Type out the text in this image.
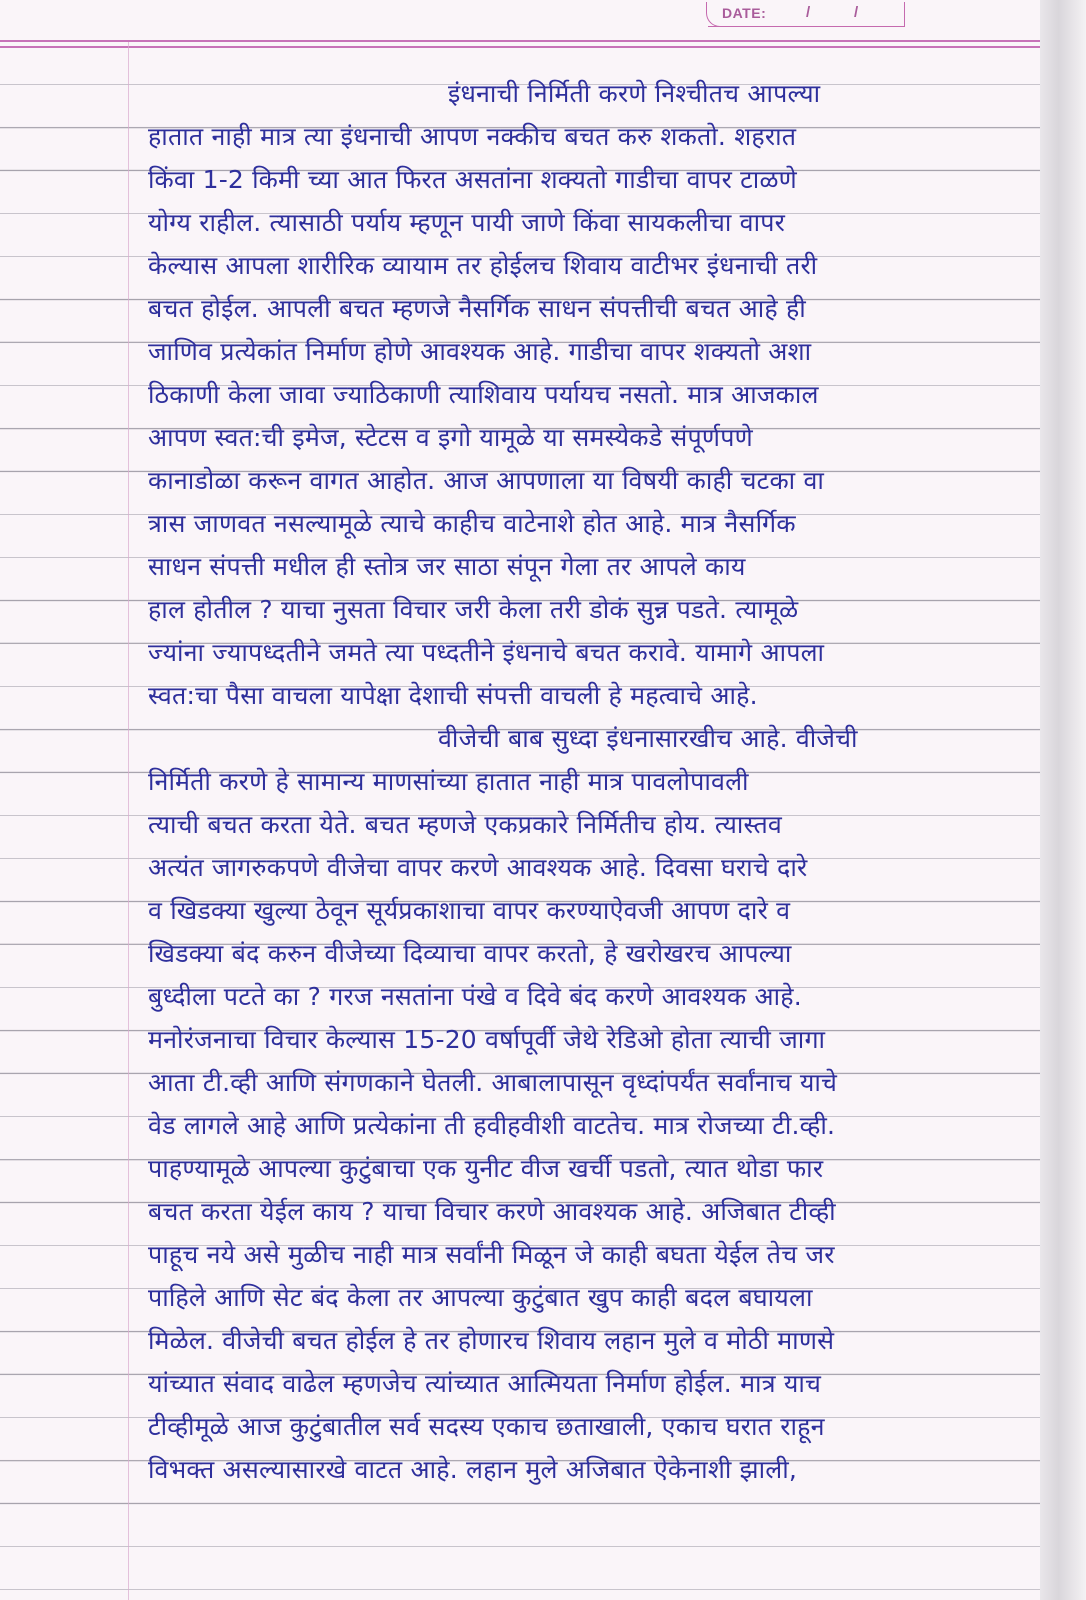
DATE:	/	/
इंधनाची निर्मिती करणे निश्चीतच आपल्या
हातात नाही मात्र त्या इंधनाची आपण नक्कीच बचत करु शकतो. शहरात
किंवा 1-2 किमी च्या आत फिरत असतांना शक्यतो गाडीचा वापर टाळणे
योग्य राहील. त्यासाठी पर्याय म्हणून पायी जाणे किंवा सायकलीचा वापर
केल्यास आपला शारीरिक व्यायाम तर होईलच शिवाय वाटीभर इंधनाची तरी
बचत होईल. आपली बचत म्हणजे नैसर्गिक साधन संपत्तीची बचत आहे ही
जाणिव प्रत्येकांत निर्माण होणे आवश्यक आहे. गाडीचा वापर शक्यतो अशा
ठिकाणी केला जावा ज्याठिकाणी त्याशिवाय पर्यायच नसतो. मात्र आजकाल
आपण स्वत:ची इमेज, स्टेटस व इगो यामूळे या समस्येकडे संपूर्णपणे
कानाडोळा करून वागत आहोत. आज आपणाला या विषयी काही चटका वा
त्रास जाणवत नसल्यामूळे त्याचे काहीच वाटेनाशे होत आहे. मात्र नैसर्गिक
साधन संपत्ती मधील ही स्तोत्र जर साठा संपून गेला तर आपले काय
हाल होतील ? याचा नुसता विचार जरी केला तरी डोकं सुन्न पडते. त्यामूळे
ज्यांना ज्यापध्दतीने जमते त्या पध्दतीने इंधनाचे बचत करावे. यामागे आपला
स्वत:चा पैसा वाचला यापेक्षा देशाची संपत्ती वाचली हे महत्वाचे आहे.
वीजेची बाब सुध्दा इंधनासारखीच आहे. वीजेची
निर्मिती करणे हे सामान्य माणसांच्या हातात नाही मात्र पावलोपावली
त्याची बचत करता येते. बचत म्हणजे एकप्रकारे निर्मितीच होय. त्यास्तव
अत्यंत जागरुकपणे वीजेचा वापर करणे आवश्यक आहे. दिवसा घराचे दारे
व खिडक्या खुल्या ठेवून सूर्यप्रकाशाचा वापर करण्याऐवजी आपण दारे व
खिडक्या बंद करुन वीजेच्या दिव्याचा वापर करतो, हे खरोखरच आपल्या
बुध्दीला पटते का ? गरज नसतांना पंखे व दिवे बंद करणे आवश्यक आहे.
मनोरंजनाचा विचार केल्यास 15-20 वर्षापूर्वी जेथे रेडिओ होता त्याची जागा
आता टी.व्ही आणि संगणकाने घेतली. आबालापासून वृध्दांपर्यंत सर्वांनाच याचे
वेड लागले आहे आणि प्रत्येकांना ती हवीहवीशी वाटतेच. मात्र रोजच्या टी.व्ही.
पाहण्यामूळे आपल्या कुटुंबाचा एक युनीट वीज खर्ची पडतो, त्यात थोडा फार
बचत करता येईल काय ? याचा विचार करणे आवश्यक आहे. अजिबात टीव्ही
पाहूच नये असे मुळीच नाही मात्र सर्वांनी मिळून जे काही बघता येईल तेच जर
पाहिले आणि सेट बंद केला तर आपल्या कुटुंबात खुप काही बदल बघायला
मिळेल. वीजेची बचत होईल हे तर होणारच शिवाय लहान मुले व मोठी माणसे
यांच्यात संवाद वाढेल म्हणजेच त्यांच्यात आत्मियता निर्माण होईल. मात्र याच
टीव्हीमूळे आज कुटुंबातील सर्व सदस्य एकाच छताखाली, एकाच घरात राहून
विभक्त असल्यासारखे वाटत आहे. लहान मुले अजिबात ऐकेनाशी झाली,
